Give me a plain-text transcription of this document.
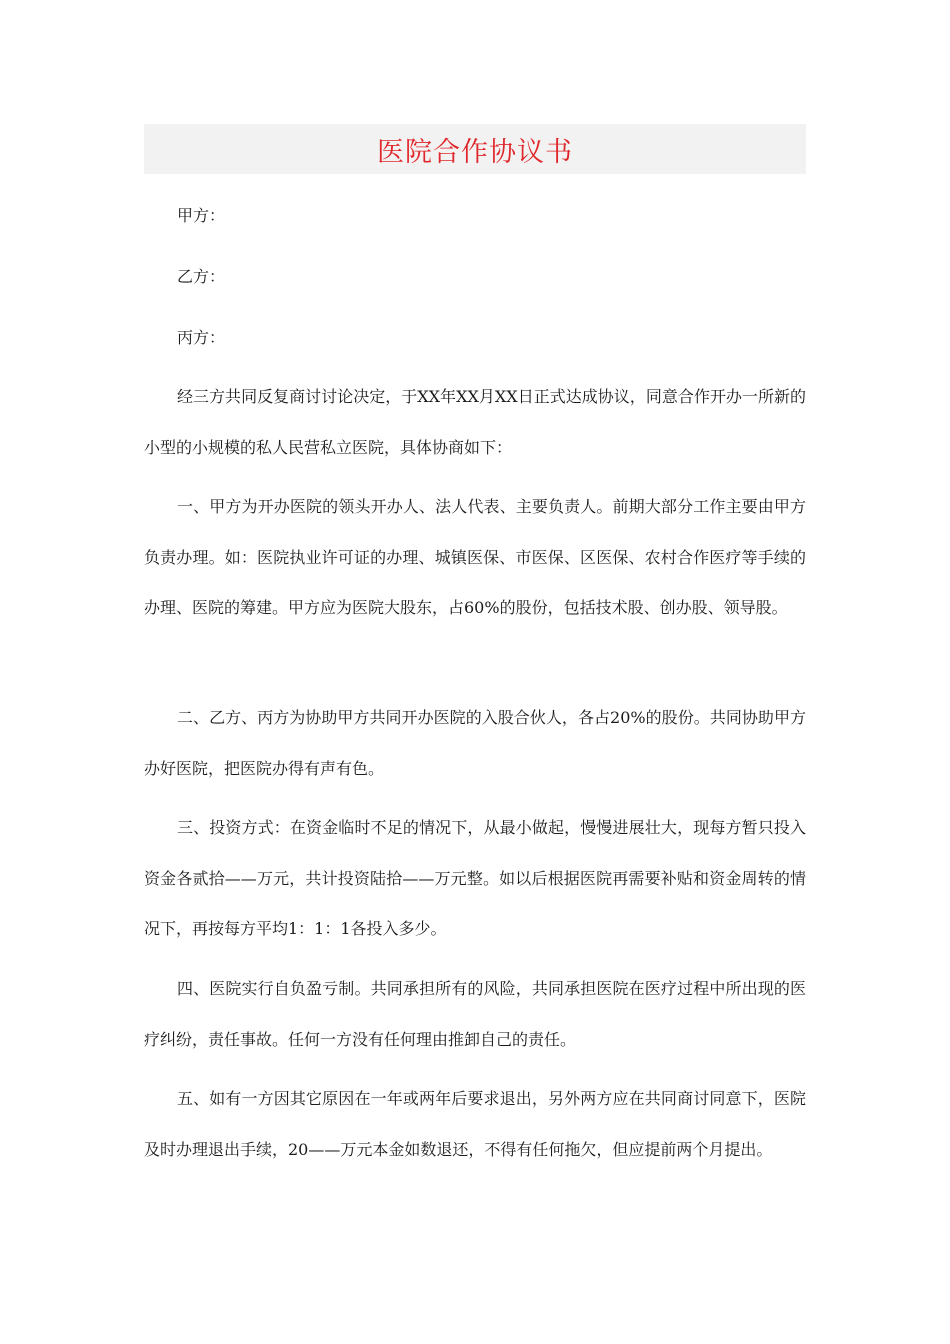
医院合作协议书
甲方：
乙方：
丙方：

经三方共同反复商讨讨论决定，于XX年XX月XX日正式达成协议，同意合作开办一所新的小型的小规模的私人民营私立医院，具体协商如下：

一、甲方为开办医院的领头开办人、法人代表、主要负责人。前期大部分工作主要由甲方负责办理。如：医院执业许可证的办理、城镇医保、市医保、区医保、农村合作医疗等手续的办理、医院的筹建。甲方应为医院大股东，占60%的股份，包括技术股、创办股、领导股。

二、乙方、丙方为协助甲方共同开办医院的入股合伙人，各占20%的股份。共同协助甲方办好医院，把医院办得有声有色。

三、投资方式：在资金临时不足的情况下，从最小做起，慢慢进展壮大，现每方暂只投入资金各贰拾——万元，共计投资陆拾——万元整。如以后根据医院再需要补贴和资金周转的情况下，再按每方平均1：1：1各投入多少。

四、医院实行自负盈亏制。共同承担所有的风险，共同承担医院在医疗过程中所出现的医疗纠纷，责任事故。任何一方没有任何理由推卸自己的责任。

五、如有一方因其它原因在一年或两年后要求退出，另外两方应在共同商讨同意下，医院及时办理退出手续，20——万元本金如数退还，不得有任何拖欠，但应提前两个月提出。
